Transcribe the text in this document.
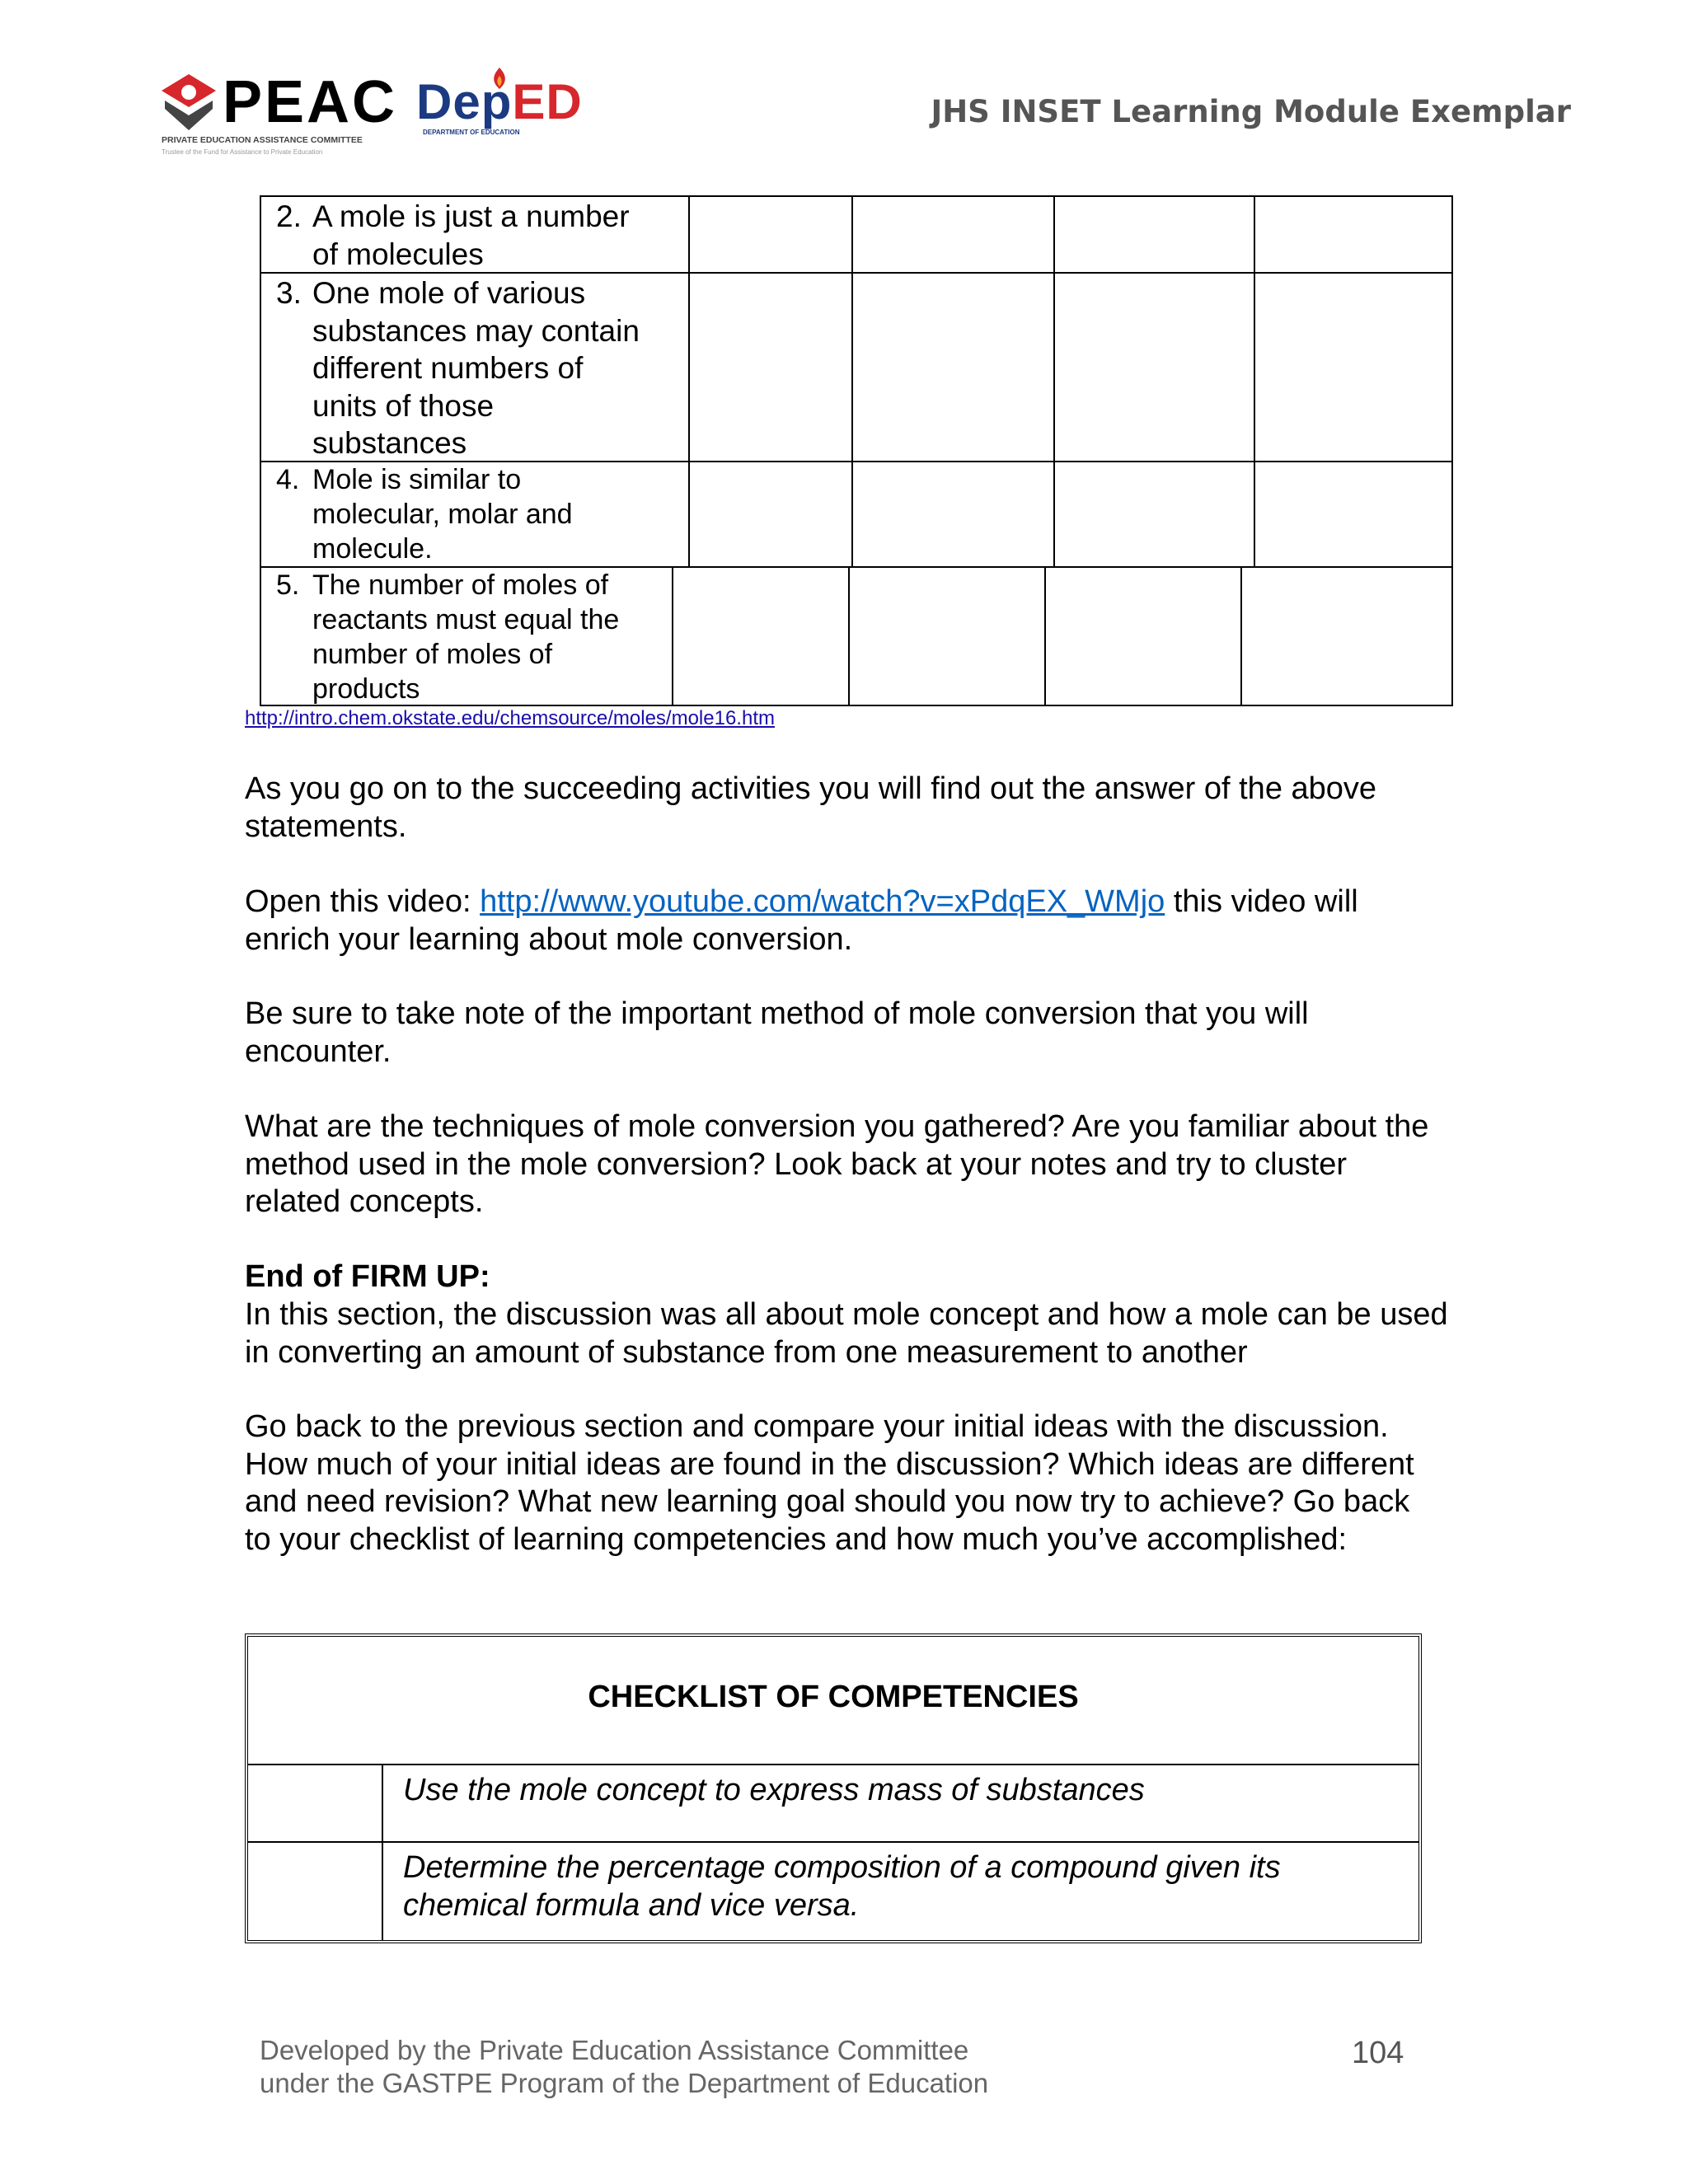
PEAC
PRIVATE EDUCATION ASSISTANCE COMMITTEE
Trustee of the Fund for Assistance to Private Education
DepED
DEPARTMENT OF EDUCATION
JHS INSET Learning Module Exemplar
2. A mole is just a number
of molecules
3. One mole of various
substances may contain
different numbers of
units of those
substances
4. Mole is similar to
molecular, molar and
molecule.
5. The number of moles of
reactants must equal the
number of moles of
products
http://intro.chem.okstate.edu/chemsource/moles/mole16.htm
As you go on to the succeeding activities you will find out the answer of the above statements.
Open this video: http://www.youtube.com/watch?v=xPdqEX_WMjo this video will enrich your learning about mole conversion.
Be sure to take note of the important method of mole conversion that you will encounter.
What are the techniques of mole conversion you gathered? Are you familiar about the method used in the mole conversion? Look back at your notes and try to cluster related concepts.
End of FIRM UP:
In this section, the discussion was all about mole concept and how a mole can be used in converting an amount of substance from one measurement to another
Go back to the previous section and compare your initial ideas with the discussion. How much of your initial ideas are found in the discussion? Which ideas are different and need revision? What new learning goal should you now try to achieve? Go back to your checklist of learning competencies and how much you’ve accomplished:
CHECKLIST OF COMPETENCIES
Use the mole concept to express mass of substances
Determine the percentage composition of a compound given its chemical formula and vice versa.
Developed by the Private Education Assistance Committee
under the GASTPE Program of the Department of Education
104
